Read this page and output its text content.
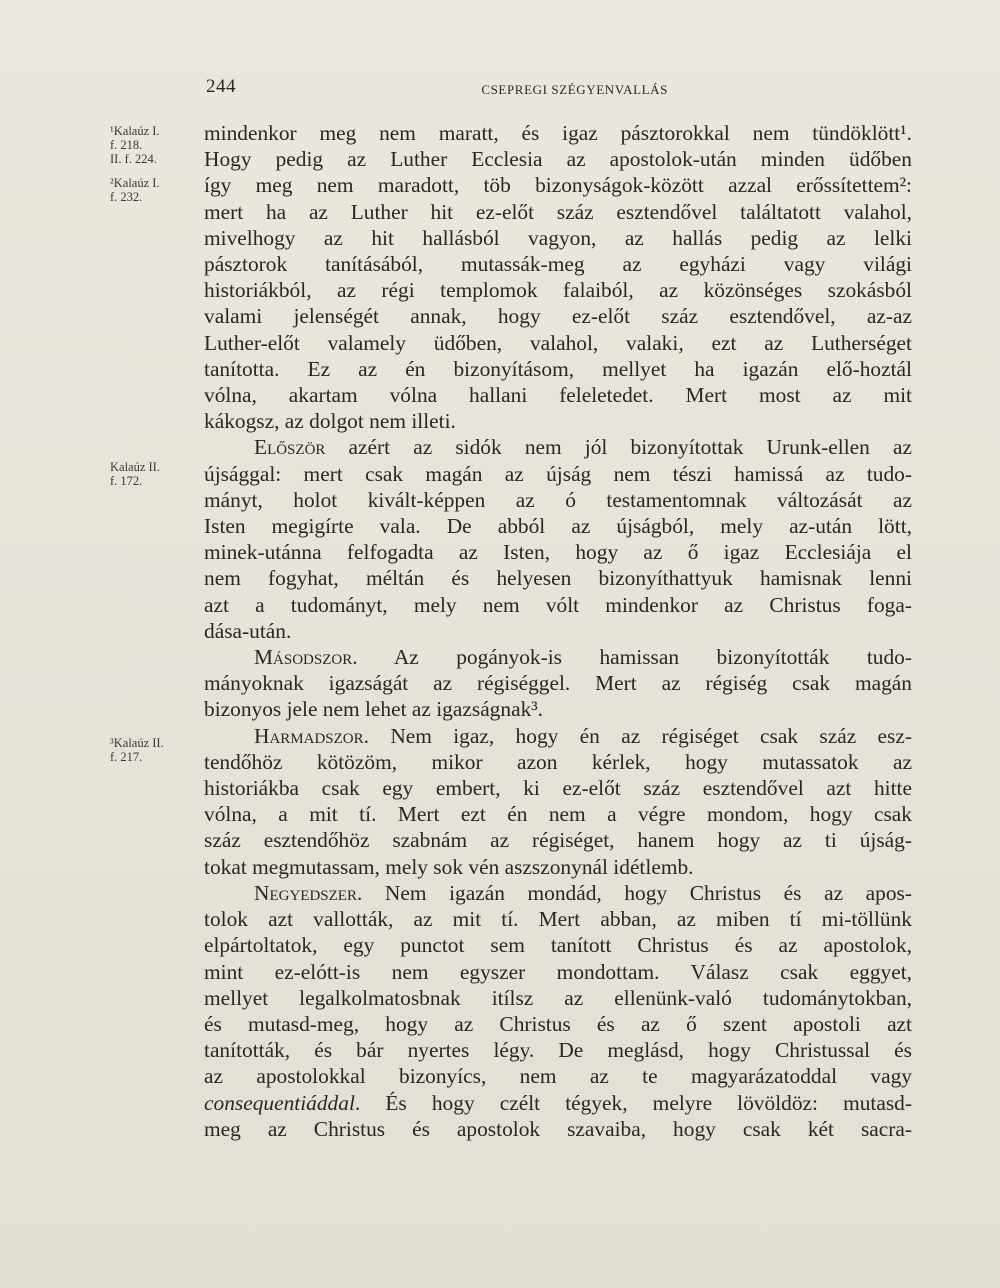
244	CSEPREGI SZÉGYENVALLÁS

¹Kalaúz I.
f. 218.
II. f. 224.

²Kalaúz I.
f. 232.

Kalaúz II.
f. 172.

³Kalaúz II.
f. 217.

mindenkor meg nem maratt, és igaz pásztorokkal nem tündöklött¹.
Hogy pedig az Luther Ecclesia az apostolok-után minden üdőben
így meg nem maradott, töb bizonyságok-között azzal erőssítettem²:
mert ha az Luther hit ez-előt száz esztendővel találtatott valahol,
mivelhogy az hit hallásból vagyon, az hallás pedig az lelki
pásztorok tanításából, mutassák-meg az egyházi vagy világi
historiákból, az régi templomok falaiból, az közönséges szokásból
valami jelenségét annak, hogy ez-előt száz esztendővel, az-az
Luther-előt valamely üdőben, valahol, valaki, ezt az Lutherséget
tanította. Ez az én bizonyításom, mellyet ha igazán elő-hoztál
vólna, akartam vólna hallani feleletedet. Mert most az mit
kákogsz, az dolgot nem illeti.

Először azért az sidók nem jól bizonyítottak Urunk-ellen az
újsággal: mert csak magán az újság nem tészi hamissá az tudo-
mányt, holot kivált-képpen az ó testamentomnak változását az
Isten megigírte vala. De abból az újságból, mely az-után lött,
minek-utánna felfogadta az Isten, hogy az ő igaz Ecclesiája el
nem fogyhat, méltán és helyesen bizonyíthattyuk hamisnak lenni
azt a tudományt, mely nem vólt mindenkor az Christus foga-
dása-után.

Másodszor. Az pogányok-is hamissan bizonyították tudo-
mányoknak igazságát az régiséggel. Mert az régiség csak magán
bizonyos jele nem lehet az igazságnak³.

Harmadszor. Nem igaz, hogy én az régiséget csak száz esz-
tendőhöz kötözöm, mikor azon kérlek, hogy mutassatok az
historiákba csak egy embert, ki ez-előt száz esztendővel azt hitte
vólna, a mit tí. Mert ezt én nem a végre mondom, hogy csak
száz esztendőhöz szabnám az régiséget, hanem hogy az ti újság-
tokat megmutassam, mely sok vén aszszonynál idétlemb.

Negyedszer. Nem igazán mondád, hogy Christus és az apos-
tolok azt vallották, az mit tí. Mert abban, az miben tí mi-töllünk
elpártoltatok, egy punctot sem tanított Christus és az apostolok,
mint ez-elótt-is nem egyszer mondottam. Válasz csak eggyet,
mellyet legalkolmatosbnak itílsz az ellenünk-való tudománytokban,
és mutasd-meg, hogy az Christus és az ő szent apostoli azt
tanították, és bár nyertes légy. De meglásd, hogy Christussal és
az apostolokkal bizonyícs, nem az te magyarázatoddal vagy
consequentiáddal. És hogy czélt tégyek, melyre lövöldöz: mutasd-
meg az Christus és apostolok szavaiba, hogy csak két sacra-
